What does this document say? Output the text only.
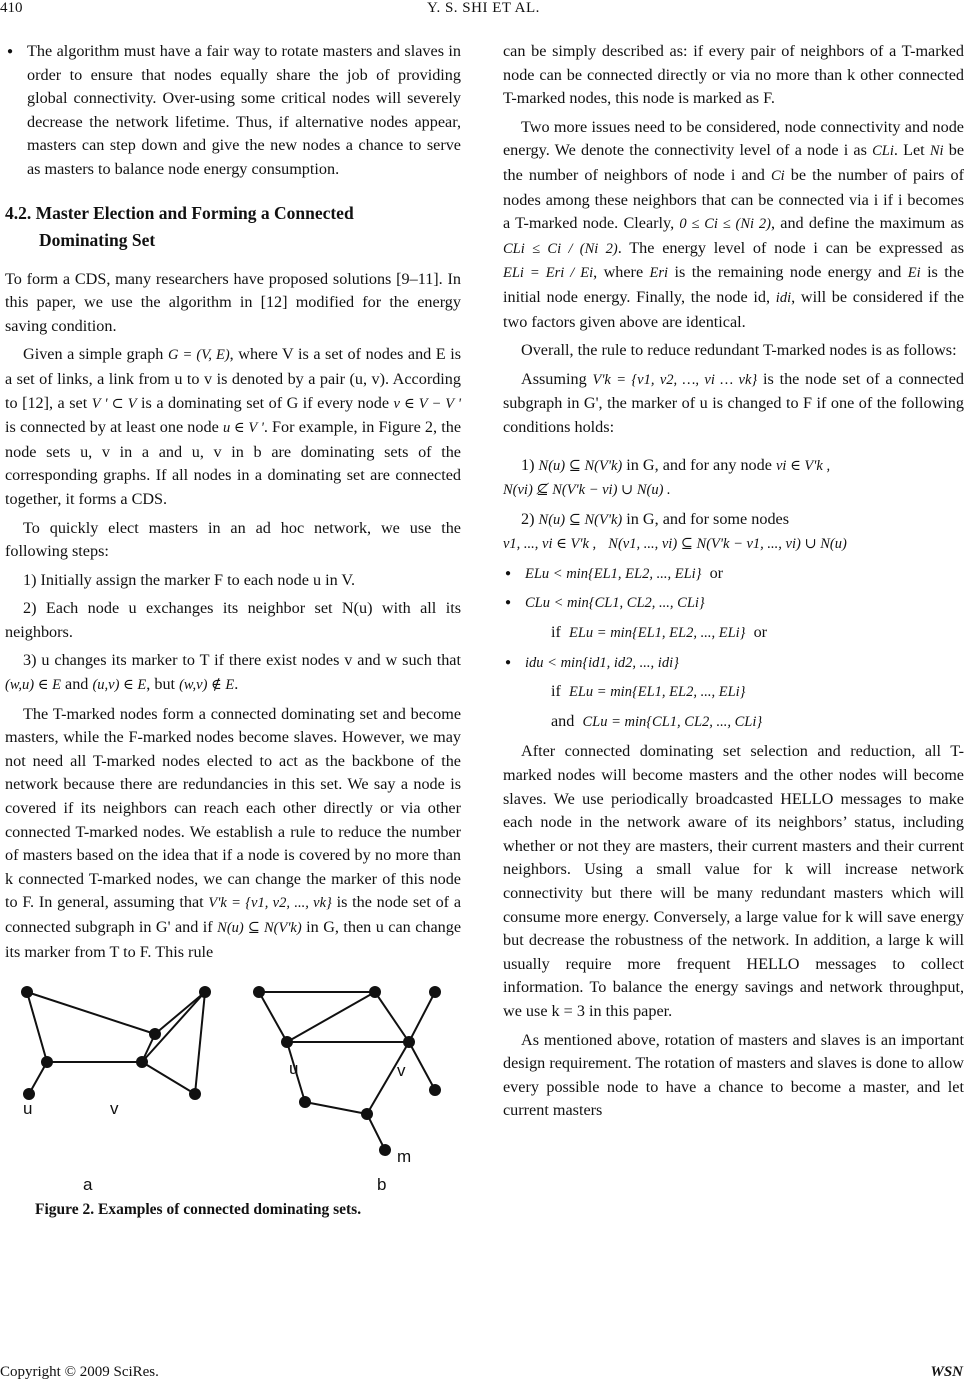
410	Y. S. SHI ET AL.

● The algorithm must have a fair way to rotate masters and slaves in order to ensure that nodes equally share the job of providing global connectivity. Over-using some critical nodes will severely decrease the network lifetime. Thus, if alternative nodes appear, masters can step down and give the new nodes a chance to serve as masters to balance node energy consumption.

4.2. Master Election and Forming a Connected
Dominating Set

To form a CDS, many researchers have proposed solutions [9–11]. In this paper, we use the algorithm in [12] modified for the energy saving condition.

Given a simple graph G = (V, E), where V is a set of nodes and E is a set of links, a link from u to v is denoted by a pair (u, v). According to [12], a set V ' ⊂ V is a dominating set of G if every node v ∈ V − V ' is connected by at least one node u ∈ V '. For example, in Figure 2, the node sets u, v in a and u, v in b are dominating sets of the corresponding graphs. If all nodes in a dominating set are connected together, it forms a CDS.

To quickly elect masters in an ad hoc network, we use the following steps:

1) Initially assign the marker F to each node u in V.

2) Each node u exchanges its neighbor set N(u) with all its neighbors.

3) u changes its marker to T if there exist nodes v and w such that (w,u) ∈ E and (u,v) ∈ E, but (w,v) ∉ E.

The T-marked nodes form a connected dominating set and become masters, while the F-marked nodes become slaves. However, we may not need all T-marked nodes elected to act as the backbone of the network because there are redundancies in this set. We say a node is covered if its neighbors can reach each other directly or via other connected T-marked nodes. We establish a rule to reduce the number of masters based on the idea that if a node is covered by no more than k connected T-marked nodes, we can change the marker of this node to F. In general, assuming that V'k = {v1, v2, ..., vk} is the node set of a connected subgraph in G' and if N(u) ⊆ N(V'k) in G, then u can change its marker from T to F. This rule

u	v
u	v
m
a	b

Figure 2. Examples of connected dominating sets.

can be simply described as: if every pair of neighbors of a T-marked node can be connected directly or via no more than k other connected T-marked nodes, this node is marked as F.

Two more issues need to be considered, node connectivity and node energy. We denote the connectivity level of a node i as CLi. Let Ni be the number of neighbors of node i and Ci be the number of pairs of nodes among these neighbors that can be connected via i if i becomes a T-marked node. Clearly, 0 ≤ Ci ≤ (Ni 2), and define the maximum as CLi ≤ Ci / (Ni 2). The energy level of node i can be expressed as ELi = Eri / Ei, where Eri is the remaining node energy and Ei is the initial node energy. Finally, the node id, idi, will be considered if the two factors given above are identical.

Overall, the rule to reduce redundant T-marked nodes is as follows:

Assuming V'k = {v1, v2, …, vi … vk} is the node set of a connected subgraph in G', the marker of u is changed to F if one of the following conditions holds:

1) N(u) ⊆ N(V'k) in G, and for any node vi ∈ V'k ,
N(vi) ⊈ N(V'k − vi) ∪ N(u) .

2) N(u) ⊆ N(V'k) in G, and for some nodes
v1, ..., vi ∈ V'k , N(v1, ..., vi) ⊆ N(V'k − v1, ..., vi) ∪ N(u)

● ELu < min{EL1, EL2, ..., ELi} or

● CLu < min{CL1, CL2, ..., CLi}

if ELu = min{EL1, EL2, ..., ELi} or

● idu < min{id1, id2, ..., idi}

if ELu = min{EL1, EL2, ..., ELi}

and CLu = min{CL1, CL2, ..., CLi}

After connected dominating set selection and reduction, all T-marked nodes will become masters and the other nodes will become slaves. We use periodically broadcasted HELLO messages to make each node in the network aware of its neighbors’ status, including whether or not they are masters, their current masters and their current neighbors. Using a small value for k will increase network connectivity but there will be many redundant masters which will consume more energy. Conversely, a large value for k will save energy but decrease the robustness of the network. In addition, a large k will usually require more frequent HELLO messages to collect information. To balance the energy savings and network throughput, we use k = 3 in this paper.

As mentioned above, rotation of masters and slaves is an important design requirement. The rotation of masters and slaves is done to allow every possible node to have a chance to become a master, and let current masters

Copyright © 2009 SciRes.	WSN
